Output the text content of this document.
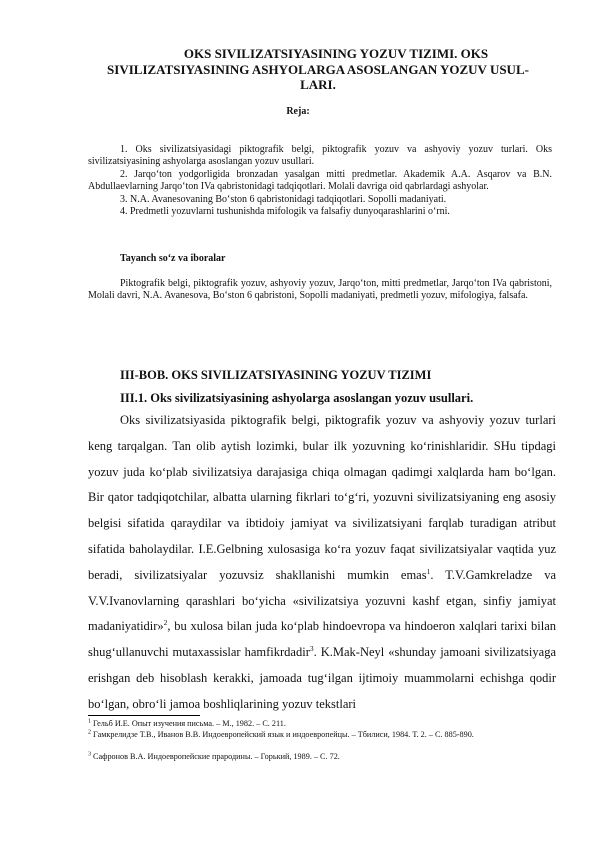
OKS SIVILIZATSIYASINING YOZUV TIZIMI. OKS
SIVILIZATSIYASINING ASHYOLARGA ASOSLANGAN YOZUV USUL-
LARI.
Reja:

1. Oks sivilizatsiyasidagi piktografik belgi, piktografik yozuv va ashyoviy yozuv turlari. Oks sivilizatsiyasining ashyolarga asoslangan yozuv usullari.

2. Jarqo‘ton yodgorligida bronzadan yasalgan mitti predmetlar. Akademik A.A. Asqarov va B.N. Abdullaevlarning Jarqo‘ton IVa qabristonidagi tadqiqotlari. Molali davriga oid qabrlardagi ashyolar.

3. N.A. Avanesovaning Bo‘ston 6 qabristonidagi tadqiqotlari. Sopolli madaniyati.

4. Predmetli yozuvlarni tushunishda mifologik va falsafiy dunyoqarashlarini o‘rni.

Tayanch so‘z va iboralar
Piktografik belgi, piktografik yozuv, ashyoviy yozuv, Jarqo‘ton, mitti predmetlar, Jarqo‘ton IVa qabristoni, Molali davri, N.A. Avanesova, Bo‘ston 6 qabristoni, Sopolli madaniyati, predmetli yozuv, mifologiya, falsafa.
III-BOB. OKS SIVILIZATSIYASINING YOZUV TIZIMI
III.1. Oks sivilizatsiyasining ashyolarga asoslangan yozuv usullari.

Oks sivilizatsiyasida piktografik belgi, piktografik yozuv va ashyoviy yozuv turlari keng tarqalgan. Tan olib aytish lozimki, bular ilk yozuvning ko‘rinishlaridir. SHu tipdagi yozuv juda ko‘plab sivilizatsiya darajasiga chiqa olmagan qadimgi xalqlarda ham bo‘lgan. Bir qator tadqiqotchilar, albatta ularning fikrlari to‘g‘ri, yozuvni sivilizatsiyaning eng asosiy belgisi sifatida qaraydilar va ibtidoiy jamiyat va sivilizatsiyani farqlab turadigan atribut sifatida baholaydilar. I.E.Gelbning xulosasiga ko‘ra yozuv faqat sivilizatsiyalar vaqtida yuz beradi, sivilizatsiyalar yozuvsiz shakllanishi mumkin emas$^1$. T.V.Gamkreladze va V.V.Ivanovlarning qarashlari bo‘yicha «sivilizatsiya yozuvni kashf etgan, sinfiy jamiyat madaniyatidir»$^2$, bu xulosa bilan juda ko‘plab hindoevropa va hindoeron xalqlari tarixi bilan shug‘ullanuvchi mutaxassislar hamfikrdadir$^3$. K.Mak-Neyl «shunday jamoani sivilizatsiyaga erishgan deb hisoblash kerakki, jamoada tug‘ilgan ijtimoiy muammolarni echishga qodir bo‘lgan, obro‘li jamoa boshliqlarining yozuv tekstlari

$^1$ Гельб И.Е. Опыт изучения письма. – М., 1982. – С. 211.

$^2$ Гамкрелидзе Т.В., Иванов В.В. Индоевропейский язык и индоевропейцы. – Тбилиси, 1984. Т. 2. – С. 885-890.

$^3$ Сафронов В.А. Индоевропейские прародины. – Горький, 1989. – С. 72.
